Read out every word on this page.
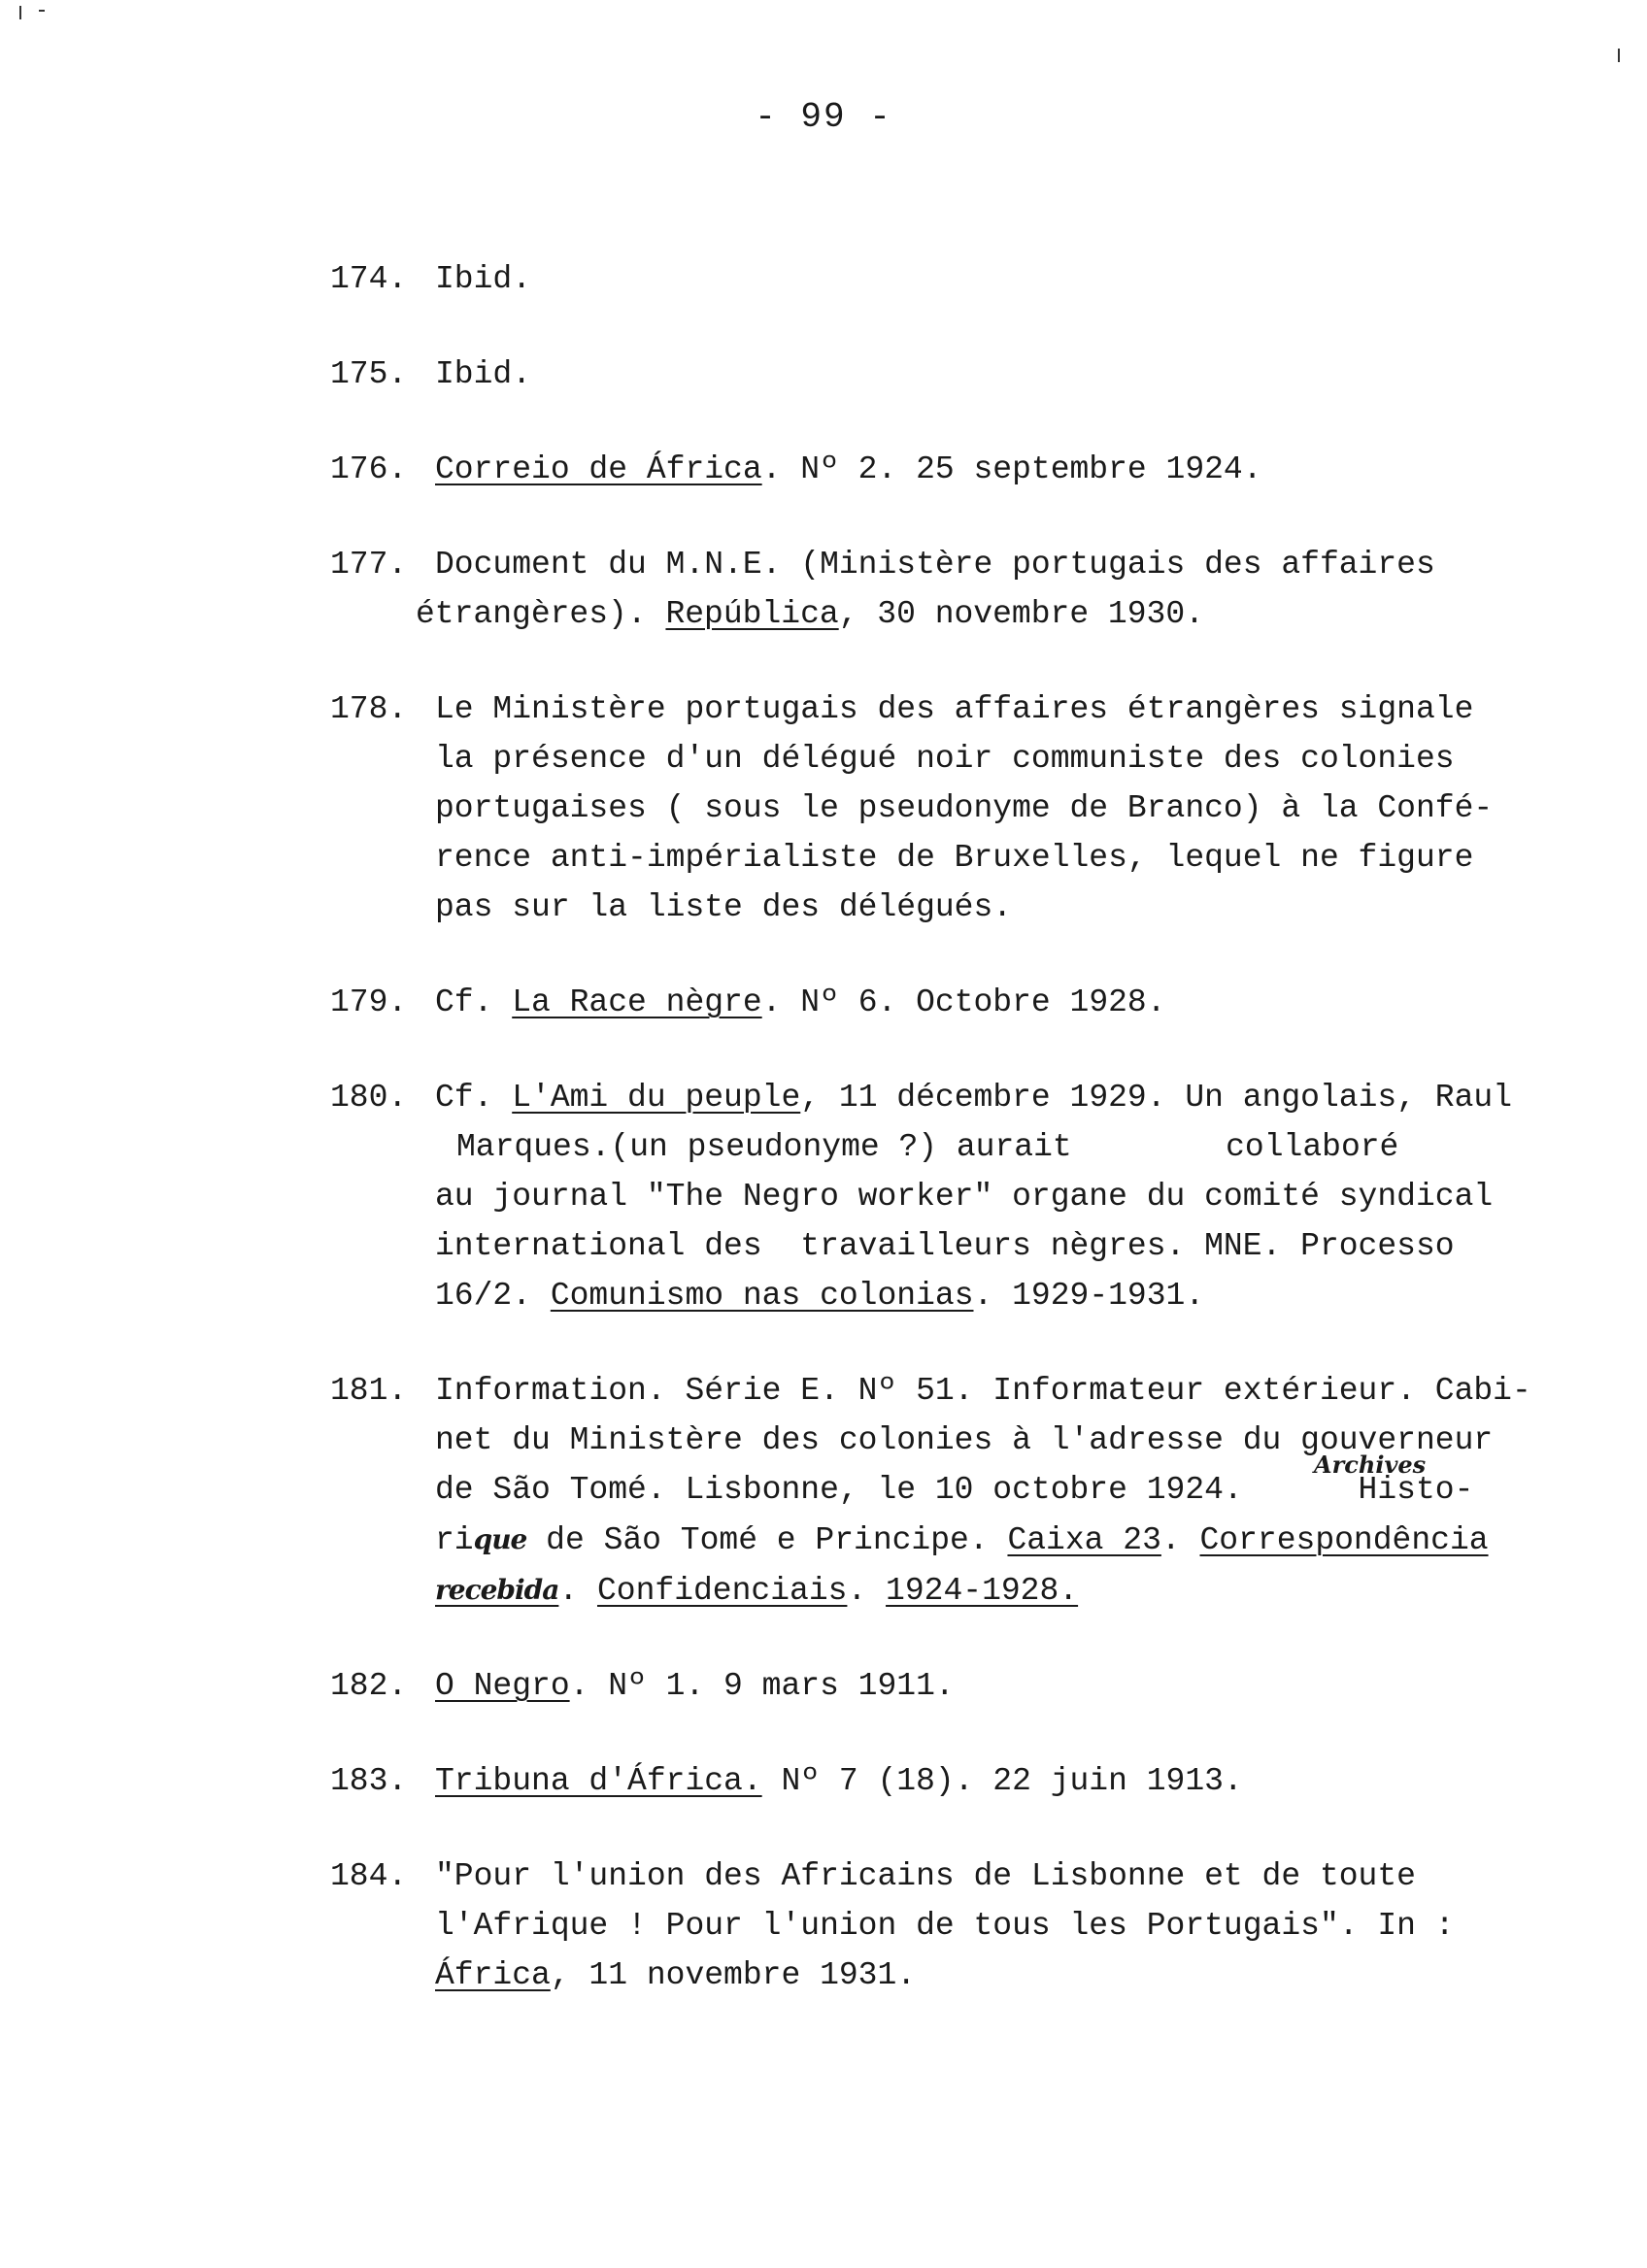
- 99 -
174. Ibid.
175. Ibid.
176. Correio de África. Nº 2. 25 septembre 1924.
177. Document du M.N.E. (Ministère portugais des affaires
étrangères). República, 30 novembre 1930.
178. Le Ministère portugais des affaires étrangères signale
la présence d'un délégué noir communiste des colonies
portugaises ( sous le pseudonyme de Branco) à la Confé-
rence anti-impérialiste de Bruxelles, lequel ne figure
pas sur la liste des délégués.
179. Cf. La Race nègre. Nº 6. Octobre 1928.
180. Cf. L'Ami du peuple, 11 décembre 1929. Un angolais, Raul
Marques.(un pseudonyme ?) aurait        collaboré
au journal "The Negro worker" organe du comité syndical
international des  travailleurs nègres. MNE. Processo
16/2. Comunismo nas colonias. 1929-1931.
181. Information. Série E. Nº 51. Informateur extérieur. Cabi-
net du Ministère des colonies à l'adresse du gouverneur
Archives
de São Tomé. Lisbonne, le 10 octobre 1924.      Histo-
rique de São Tomé e Principe. Caixa 23. Correspondência
recebida. Confidenciais. 1924-1928.
182. O Negro. Nº 1. 9 mars 1911.
183. Tribuna d'África. Nº 7 (18). 22 juin 1913.
184. "Pour l'union des Africains de Lisbonne et de toute
l'Afrique ! Pour l'union de tous les Portugais". In :
África, 11 novembre 1931.
